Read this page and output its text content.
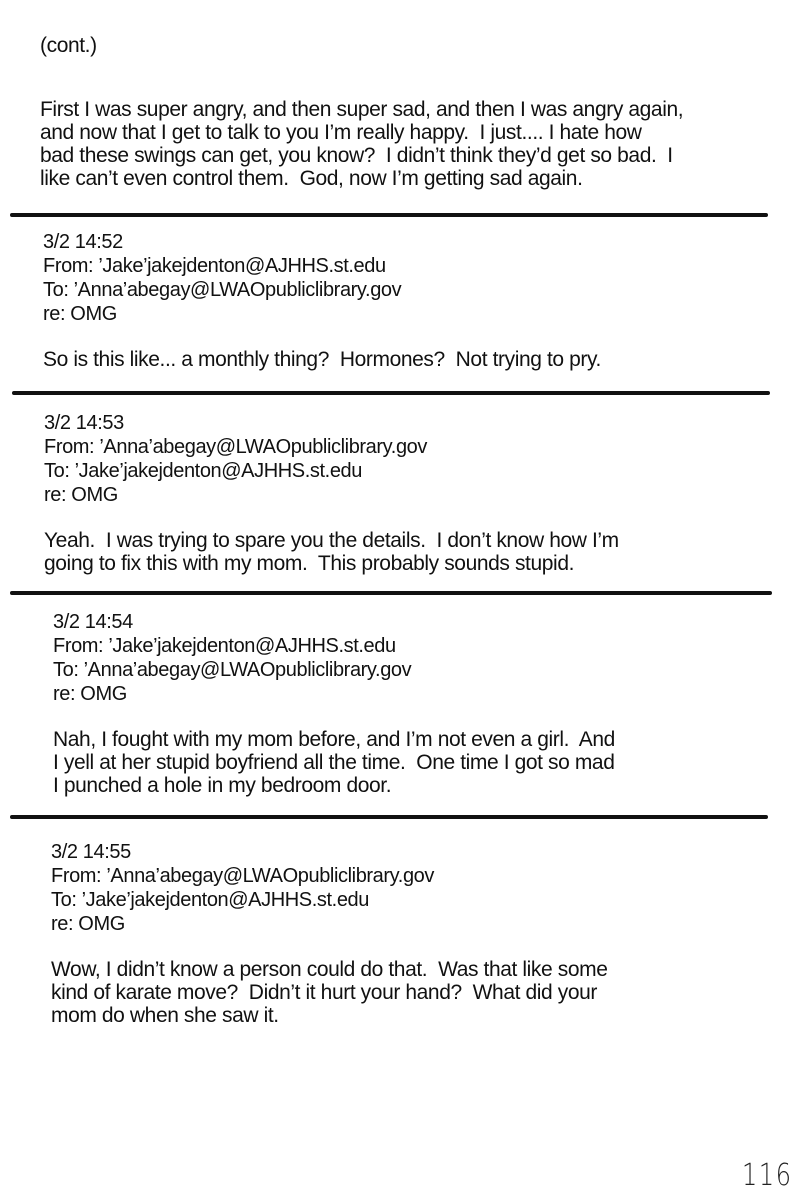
(cont.)
First I was super angry, and then super sad, and then I was angry again,
and now that I get to talk to you I’m really happy.  I just.... I hate how
bad these swings can get, you know?  I didn’t think they’d get so bad.  I
like can’t even control them.  God, now I’m getting sad again.
3/2 14:52
From: ’Jake’jakejdenton@AJHHS.st.edu
To: ’Anna’abegay@LWAOpubliclibrary.gov
re: OMG
So is this like... a monthly thing?  Hormones?  Not trying to pry.
3/2 14:53
From: ’Anna’abegay@LWAOpubliclibrary.gov
To: ’Jake’jakejdenton@AJHHS.st.edu
re: OMG
Yeah.  I was trying to spare you the details.  I don’t know how I’m
going to fix this with my mom.  This probably sounds stupid.
3/2 14:54
From: ’Jake’jakejdenton@AJHHS.st.edu
To: ’Anna’abegay@LWAOpubliclibrary.gov
re: OMG
Nah, I fought with my mom before, and I’m not even a girl.  And
I yell at her stupid boyfriend all the time.  One time I got so mad
I punched a hole in my bedroom door.
3/2 14:55
From: ’Anna’abegay@LWAOpubliclibrary.gov
To: ’Jake’jakejdenton@AJHHS.st.edu
re: OMG
Wow, I didn’t know a person could do that.  Was that like some
kind of karate move?  Didn’t it hurt your hand?  What did your
mom do when she saw it.
116
